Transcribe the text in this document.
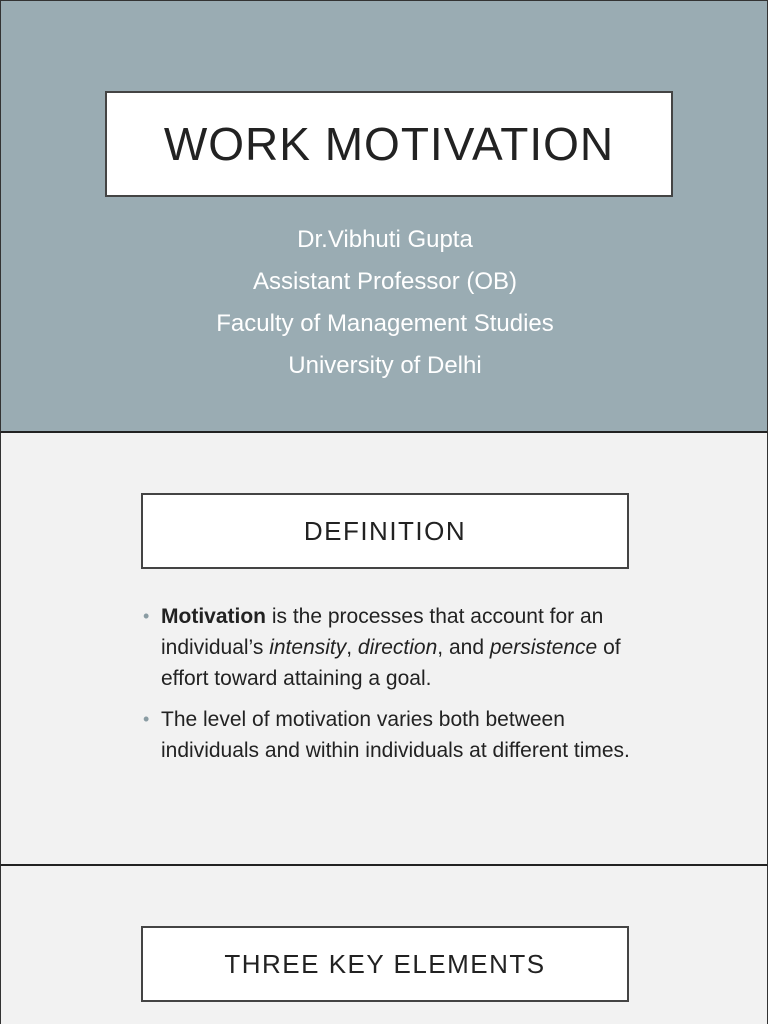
WORK MOTIVATION
Dr.Vibhuti Gupta
Assistant Professor (OB)
Faculty of Management Studies
University of Delhi
DEFINITION
• Motivation is the processes that account for an individual’s intensity, direction, and persistence of effort toward attaining a goal.
• The level of motivation varies both between individuals and within individuals at different times.
THREE KEY ELEMENTS
